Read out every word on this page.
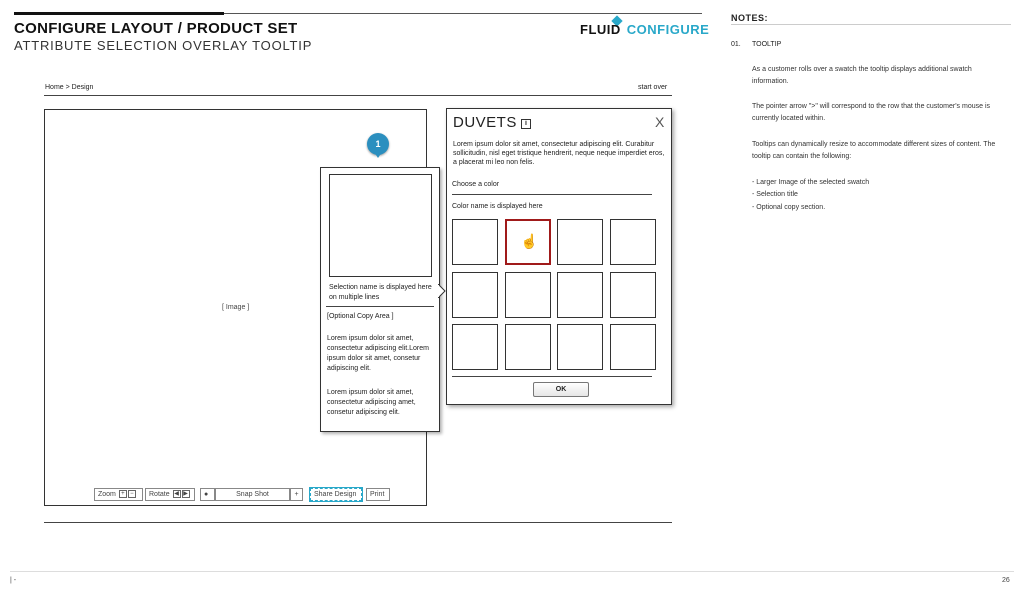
CONFIGURE LAYOUT / PRODUCT SET
ATTRIBUTE SELECTION OVERLAY TOOLTIP
FLUID CONFIGURE
NOTES:
01. TOOLTIP
As a customer rolls over a swatch the tooltip displays additional swatch information.
The pointer arrow ">" will correspond to the row that the customer's mouse is currently located within.
Tooltips can dynamically resize to accommodate different sizes of content. The tooltip can contain the following:
- Larger Image of the selected swatch
- Selection title
- Optional copy section.
Home > Design	start over
[ Image ]
Zoom + −	Rotate ◀ ▶	●	Snap Shot	+	Share Design	Print
1
Selection name is displayed here on multiple lines
[Optional Copy Area ]
Lorem ipsum dolor sit amet, consectetur adipiscing elit.Lorem ipsum dolor sit amet, consetur adipiscing elit.
Lorem ipsum dolor sit amet, consectetur adipiscing amet, consetur adipiscing elit.
DUVETS	i	X
Lorem ipsum dolor sit amet, consectetur adipiscing elit. Curabitur sollicitudin, nisl eget tristique hendrerit, neque neque imperdiet eros, a placerat mi leo non felis.
Choose a color
Color name is displayed here
☝
OK
| -	26
